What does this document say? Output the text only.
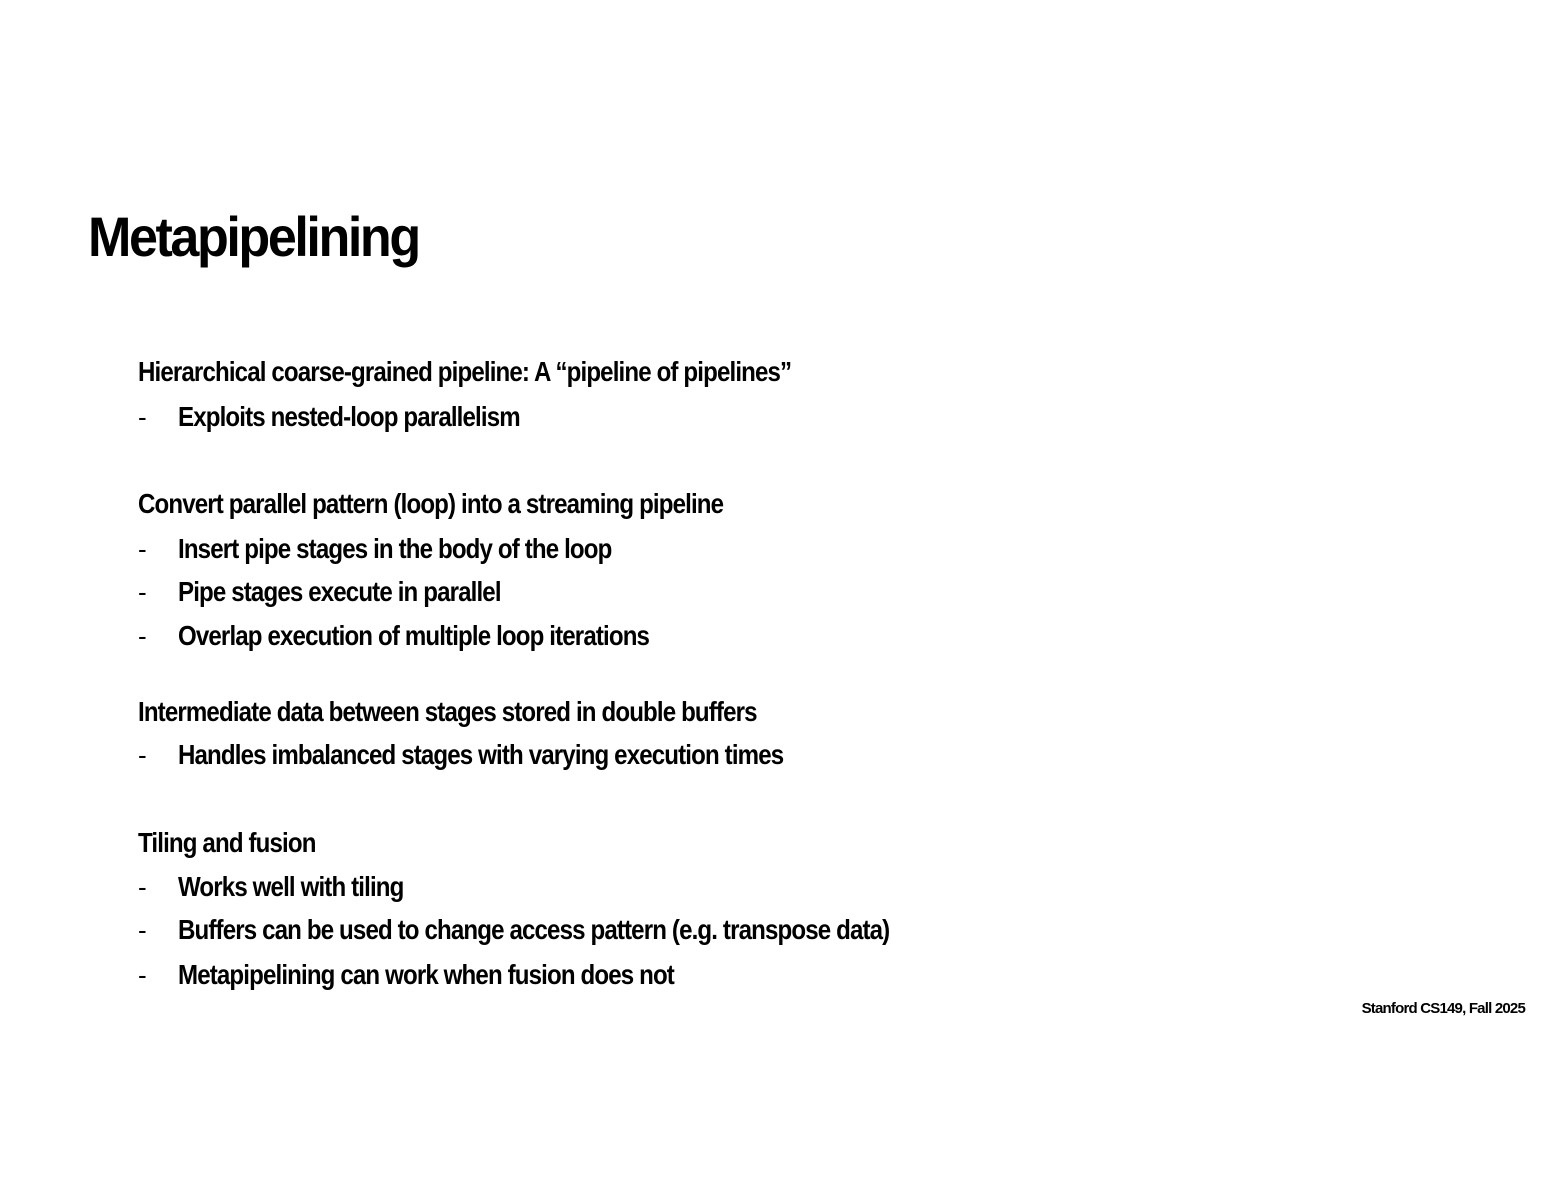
Metapipelining
Hierarchical coarse-grained pipeline: A “pipeline of pipelines”
- Exploits nested-loop parallelism
Convert parallel pattern (loop) into a streaming pipeline
- Insert pipe stages in the body of the loop
- Pipe stages execute in parallel
- Overlap execution of multiple loop iterations
Intermediate data between stages stored in double buffers
- Handles imbalanced stages with varying execution times
Tiling and fusion
- Works well with tiling
- Buffers can be used to change access pattern (e.g. transpose data)
- Metapipelining can work when fusion does not
Stanford CS149, Fall 2025
